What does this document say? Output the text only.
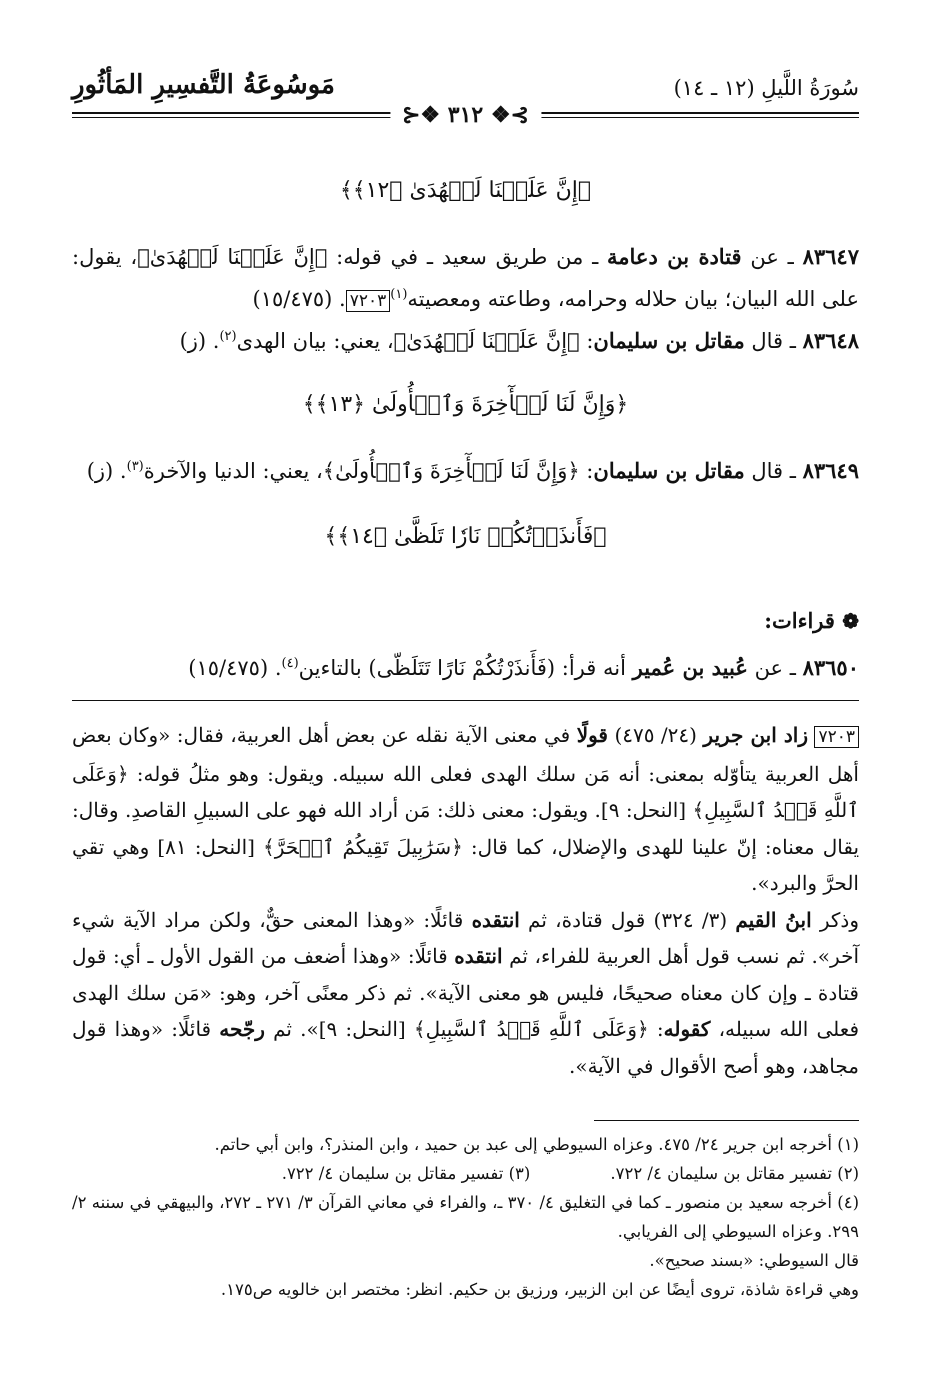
مَوسُوعَةُ التَّفسِيرِ المَأثُورِ	سُورَةُ اللَّيلِ (١٢ ـ ١٤)
⊱❖ ٣١٢ ❖⊰
﴿إِنَّ عَلَيۡنَا لَلۡهُدَىٰ ﴿١٢﴾﴾
٨٣٦٤٧ ـ عن قتادة بن دعامة ـ من طريق سعيد ـ في قوله: ﴿إِنَّ عَلَيۡنَا لَلۡهُدَىٰ﴾، يقول: على الله البيان؛ بيان حلاله وحرامه، وطاعته ومعصيته$^{(١)}$٧٢٠٣. (١٥/٤٧٥)
٨٣٦٤٨ ـ قال مقاتل بن سليمان: ﴿إِنَّ عَلَيۡنَا لَلۡهُدَىٰ﴾، يعني: بيان الهدى$^{(٢)}$. (ز)
﴿وَإِنَّ لَنَا لَلۡأٓخِرَةَ وَٱلۡأُولَىٰ ﴿١٣﴾﴾
٨٣٦٤٩ ـ قال مقاتل بن سليمان: ﴿وَإِنَّ لَنَا لَلۡأٓخِرَةَ وَٱلۡأُولَىٰ﴾، يعني: الدنيا والآخرة$^{(٣)}$. (ز)
﴿فَأَنذَرۡتُكُمۡ نَارٗا تَلَظَّىٰ ﴿١٤﴾﴾
❁ قراءات:
٨٣٦٥٠ ـ عن عُبيد بن عُمير أنه قرأ: (فَأَنذَرْتُكُمْ نَارًا تَتَلَظّى) بالتاءين$^{(٤)}$. (١٥/٤٧٥)
٧٢٠٣ زاد ابن جرير (٢٤/ ٤٧٥) قولًا في معنى الآية نقله عن بعض أهل العربية، فقال: «وكان بعض أهل العربية يتأوّله بمعنى: أنه مَن سلك الهدى فعلى الله سبيله. ويقول: وهو مثلُ قوله: ﴿وَعَلَى ٱللَّهِ قَصۡدُ ٱلسَّبِيلِ﴾ [النحل: ٩]. ويقول: معنى ذلك: مَن أراد الله فهو على السبيلِ القاصدِ. وقال: يقال معناه: إنّ علينا للهدى والإضلال، كما قال: ﴿سَرَٰبِيلَ تَقِيكُمُ ٱلۡحَرَّ﴾ [النحل: ٨١] وهي تقي الحرَّ والبرد».
وذكر ابنُ القيم (٣/ ٣٢٤) قول قتادة، ثم انتقده قائلًا: «وهذا المعنى حقٌّ، ولكن مراد الآية شيء آخر». ثم نسب قول أهل العربية للفراء، ثم انتقده قائلًا: «وهذا أضعف من القول الأول ـ أي: قول قتادة ـ وإن كان معناه صحيحًا، فليس هو معنى الآية». ثم ذكر معنًى آخر، وهو: «مَن سلك الهدى فعلى الله سبيله، كقوله: ﴿وَعَلَى ٱللَّهِ قَصۡدُ ٱلسَّبِيلِ﴾ [النحل: ٩]». ثم رجّحه قائلًا: «وهذا قول مجاهد، وهو أصح الأقوال في الآية».
(١) أخرجه ابن جرير ٢٤/ ٤٧٥. وعزاه السيوطي إلى عبد بن حميد ، وابن المنذر؟، وابن أبي حاتم.
(٢) تفسير مقاتل بن سليمان ٤/ ٧٢٢.
(٣) تفسير مقاتل بن سليمان ٤/ ٧٢٢.
(٤) أخرجه سعيد بن منصور ـ كما في التغليق ٤/ ٣٧٠ ـ، والفراء في معاني القرآن ٣/ ٢٧١ ـ ٢٧٢، والبيهقي في سننه ٢/ ٢٩٩. وعزاه السيوطي إلى الفريابي.
قال السيوطي: «بسند صحيح».
وهي قراءة شاذة، تروى أيضًا عن ابن الزبير، ورزيق بن حكيم. انظر: مختصر ابن خالويه ص١٧٥.
